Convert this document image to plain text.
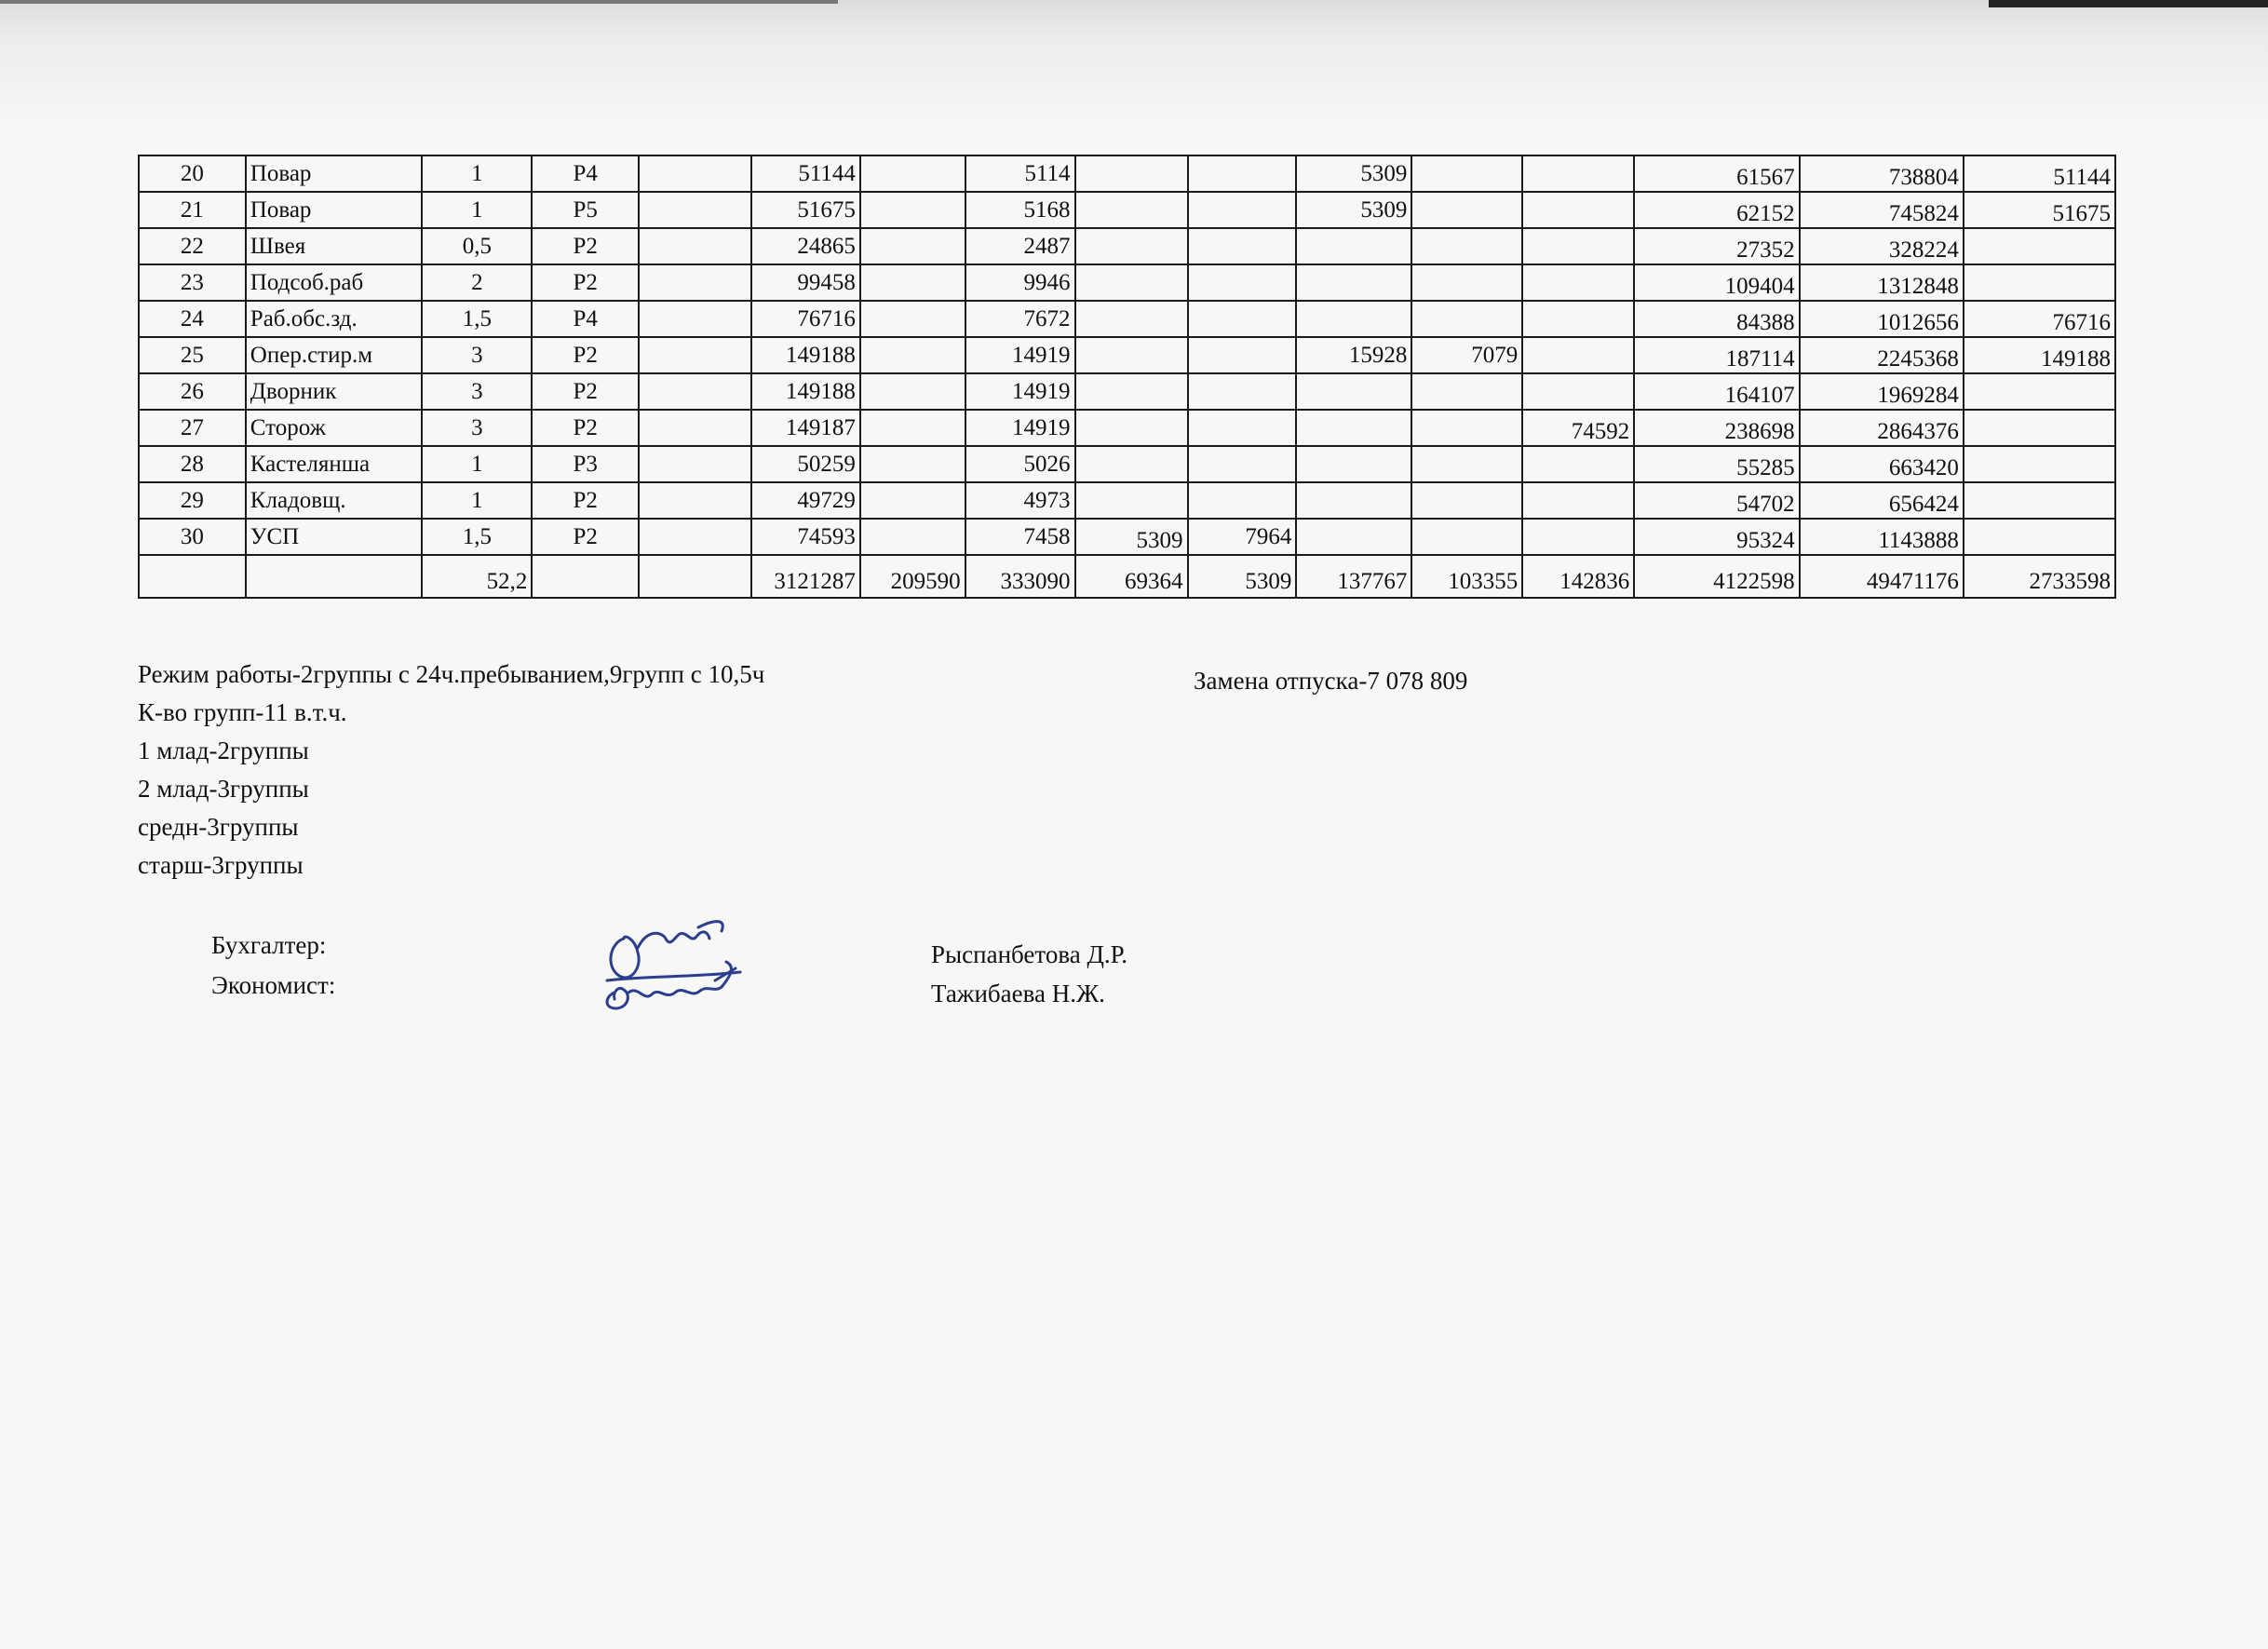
20	Повар	1	Р4		51144		5114			5309			61567	738804	51144
21	Повар	1	Р5		51675		5168			5309			62152	745824	51675
22	Швея	0,5	Р2		24865		2487						27352	328224	
23	Подсоб.раб	2	Р2		99458		9946						109404	1312848	
24	Раб.обс.зд.	1,5	Р4		76716		7672						84388	1012656	76716
25	Опер.стир.м	3	Р2		149188		14919			15928	7079		187114	2245368	149188
26	Дворник	3	Р2		149188		14919						164107	1969284	
27	Сторож	3	Р2		149187		14919					74592	238698	2864376	
28	Кастелянша	1	Р3		50259		5026						55285	663420	
29	Кладовщ.	1	Р2		49729		4973						54702	656424	
30	УСП	1,5	Р2		74593		7458	5309	7964				95324	1143888	
		52,2			3121287	209590	333090	69364	5309	137767	103355	142836	4122598	49471176	2733598
Режим работы-2группы с 24ч.пребыванием,9групп с 10,5ч
К-во групп-11 в.т.ч.
1 млад-2группы
2 млад-3группы
средн-3группы
старш-3группы
Замена отпуска-7 078 809
Бухгалтер:
Экономист:
Рыспанбетова Д.Р.
Тажибаева Н.Ж.
